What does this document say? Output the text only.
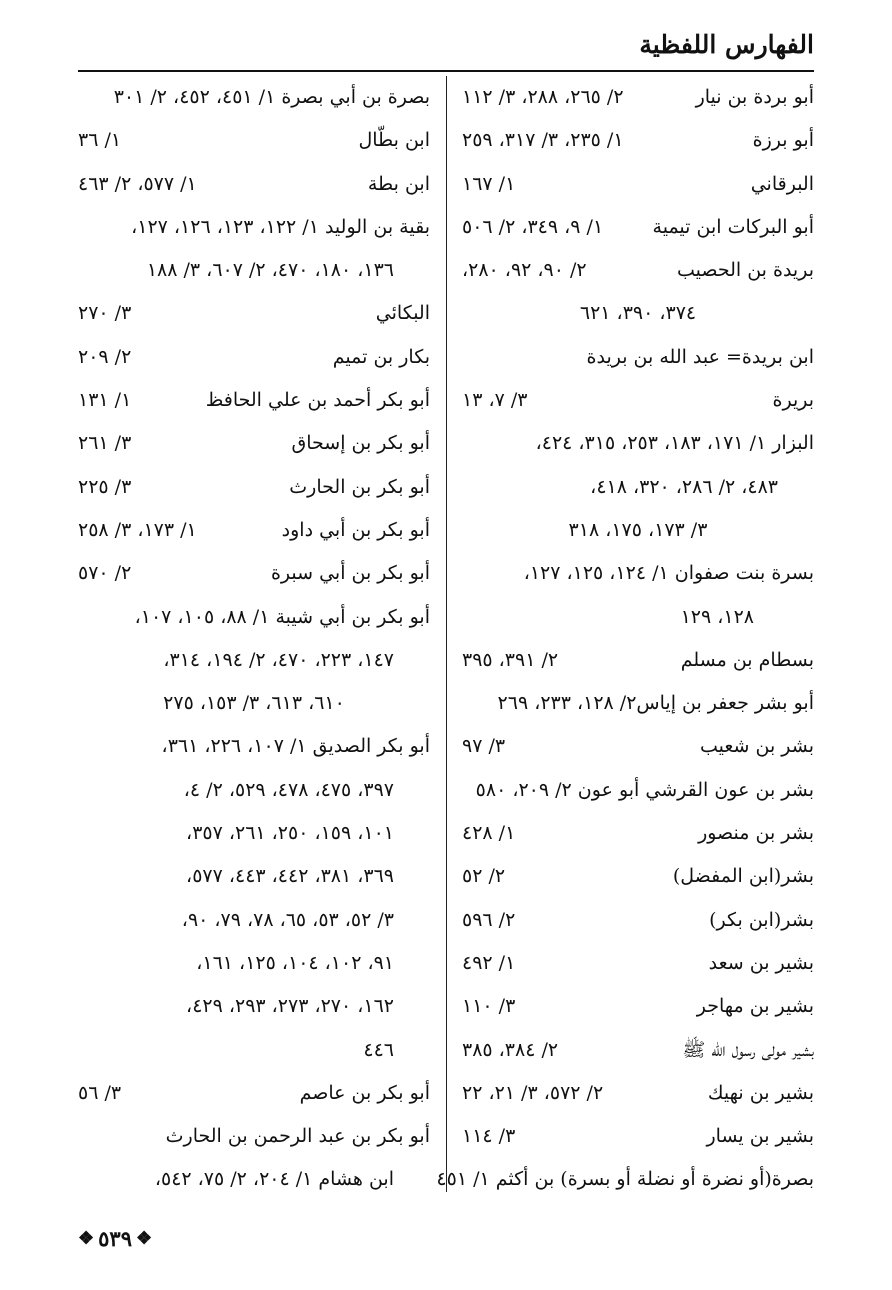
الفهارس اللفظية
أبو بردة بن نيار
٢/ ٢٦٥، ٢٨٨، ٣/ ١١٢
أبو برزة
١/ ٢٣٥، ٣/ ٣١٧، ٢٥٩
البرقاني
١/ ١٦٧
أبو البركات ابن تيمية
١/ ٩، ٣٤٩، ٢/ ٥٠٦
بريدة بن الحصيب
٢/ ٩٠، ٩٢، ٢٨٠،
٣٧٤، ٣٩٠، ٦٢١
ابن بريدة= عبد الله بن بريدة
بريرة
٣/ ٧، ١٣
البزار ١/ ١٧١، ١٨٣، ٢٥٣، ٣١٥، ٤٢٤،
٤٨٣، ٢/ ٢٨٦، ٣٢٠، ٤١٨،
٣/ ١٧٣، ١٧٥، ٣١٨
بسرة بنت صفوان ١/ ١٢٤، ١٢٥، ١٢٧،
١٢٨، ١٢٩
بسطام بن مسلم
٢/ ٣٩١، ٣٩٥
أبو بشر جعفر بن إياس٢/ ١٢٨، ٢٣٣، ٢٦٩
بشر بن شعيب
٣/ ٩٧
بشر بن عون القرشي أبو عون ٢/ ٢٠٩، ٥٨٠
بشر بن منصور
١/ ٤٢٨
بشر(ابن المفضل)
٢/ ٥٢
بشر(ابن بكر)
٢/ ٥٩٦
بشير بن سعد
١/ ٤٩٢
بشير بن مهاجر
٣/ ١١٠
بشير مولى رسول الله ﷺ
٢/ ٣٨٤، ٣٨٥
بشير بن نهيك
٢/ ٥٧٢، ٣/ ٢١، ٢٢
بشير بن يسار
٣/ ١١٤
بصرة(أو نضرة أو نضلة أو بسرة) بن أكثم ١/ ٤٥١
بصرة بن أبي بصرة ١/ ٤٥١، ٤٥٢، ٢/ ٣٠١
ابن بطّال
١/ ٣٦
ابن بطة
١/ ٥٧٧، ٢/ ٤٦٣
بقية بن الوليد ١/ ١٢٢، ١٢٣، ١٢٦، ١٢٧،
١٣٦، ١٨٠، ٤٧٠، ٢/ ٦٠٧، ٣/ ١٨٨
البكائي
٣/ ٢٧٠
بكار بن تميم
٢/ ٢٠٩
أبو بكر أحمد بن علي الحافظ
١/ ١٣١
أبو بكر بن إسحاق
٣/ ٢٦١
أبو بكر بن الحارث
٣/ ٢٢٥
أبو بكر بن أبي داود
١/ ١٧٣، ٣/ ٢٥٨
أبو بكر بن أبي سبرة
٢/ ٥٧٠
أبو بكر بن أبي شيبة ١/ ٨٨، ١٠٥، ١٠٧،
١٤٧، ٢٢٣، ٤٧٠، ٢/ ١٩٤، ٣١٤،
٦١٠، ٦١٣، ٣/ ١٥٣، ٢٧٥
أبو بكر الصديق ١/ ١٠٧، ٢٢٦، ٣٦١،
٣٩٧، ٤٧٥، ٤٧٨، ٥٢٩، ٢/ ٤،
١٠١، ١٥٩، ٢٥٠، ٢٦١، ٣٥٧،
٣٦٩، ٣٨١، ٤٤٢، ٤٤٣، ٥٧٧،
٣/ ٥٢، ٥٣، ٦٥، ٧٨، ٧٩، ٩٠،
٩١، ١٠٢، ١٠٤، ١٢٥، ١٦١،
١٦٢، ٢٧٠، ٢٧٣، ٢٩٣، ٤٢٩،
٤٤٦
أبو بكر بن عاصم
٣/ ٥٦
أبو بكر بن عبد الرحمن بن الحارث
ابن هشام ١/ ٢٠٤، ٢/ ٧٥، ٥٤٢،
❖
٥٣٩
❖
